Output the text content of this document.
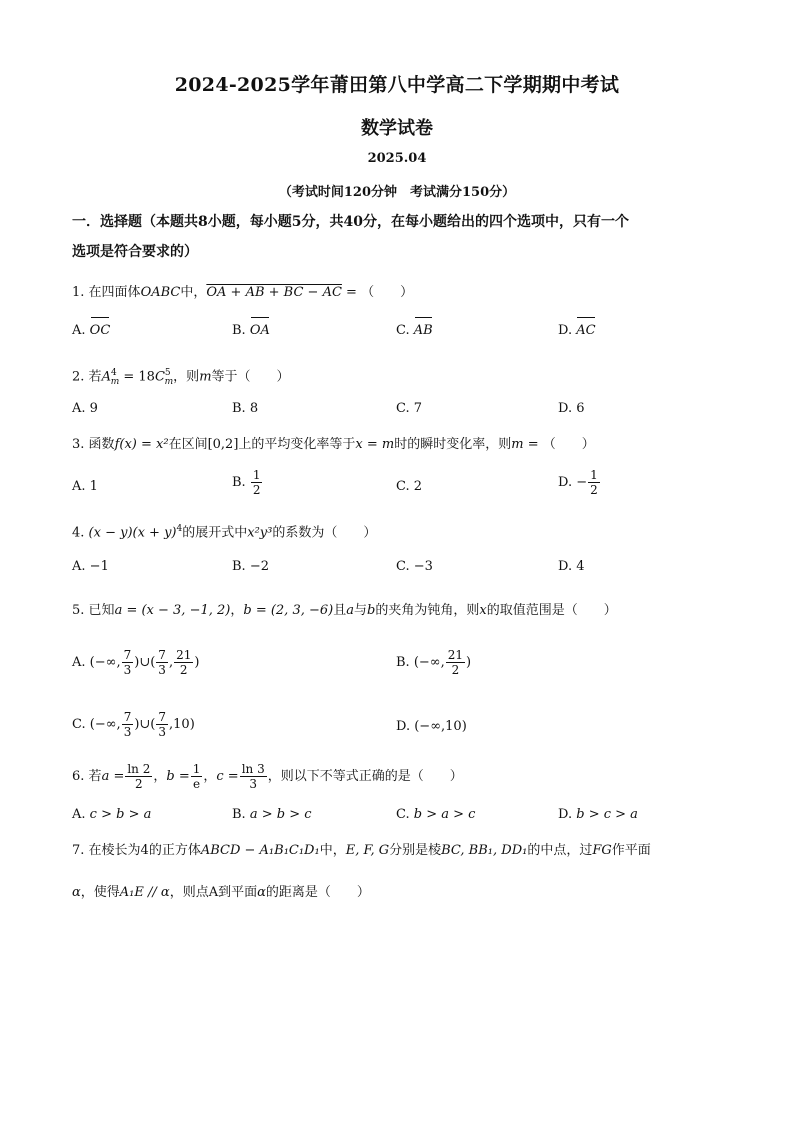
2024-2025学年莆田第八中学高二下学期期中考试
数学试卷
2025.04
（考试时间120分钟　考试满分150分）
一．选择题（本题共8小题，每小题5分，共40分，在每小题给出的四个选项中，只有一个
选项是符合要求的）
1. 在四面体OABC中，OA + AB + BC − AC = （　　）
A. OC	B. OA	C. AB	D. AC
2. 若$A^4_m = 18C^5_m$，则m等于（　　）
A. 9	B. 8	C. 7	D. 6
3. 函数f(x) = x²在区间[0,2]上的平均变化率等于x = m时的瞬时变化率，则m = （　　）
A. 1	B. $\frac{1}{2}$	C. 2	D. − $\frac{1}{2}$
4. $(x - y)(x + y)^4$的展开式中x²y³的系数为（　　）
A. −1	B. −2	C. −3	D. 4
5. 已知a = (x − 3, −1, 2)，b = (2, 3, −6)且a与b的夹角为钝角，则x的取值范围是（　　）
A. (−∞, $\frac{7}{3}$ )∪( $\frac{7}{3}$ , $\frac{21}{2}$ )	B. (−∞, $\frac{21}{2}$ )
C. (−∞, $\frac{7}{3}$ )∪( $\frac{7}{3} ,10$)	D. (−∞,10)
6. 若$a = \frac{\ln 2}{2}$ ，$b = \frac{1}{e}$ ，$c = \frac{\ln 3}{3}$ ，则以下不等式正确的是（　　）
A. c > b > a	B. a > b > c	C. b > a > c	D. b > c > a
7. 在棱长为4的正方体ABCD − A₁B₁C₁D₁中，E, F, G分别是棱BC, BB₁, DD₁的中点，过FG作平面
α，使得A₁E // α，则点A到平面α的距离是（　　）
